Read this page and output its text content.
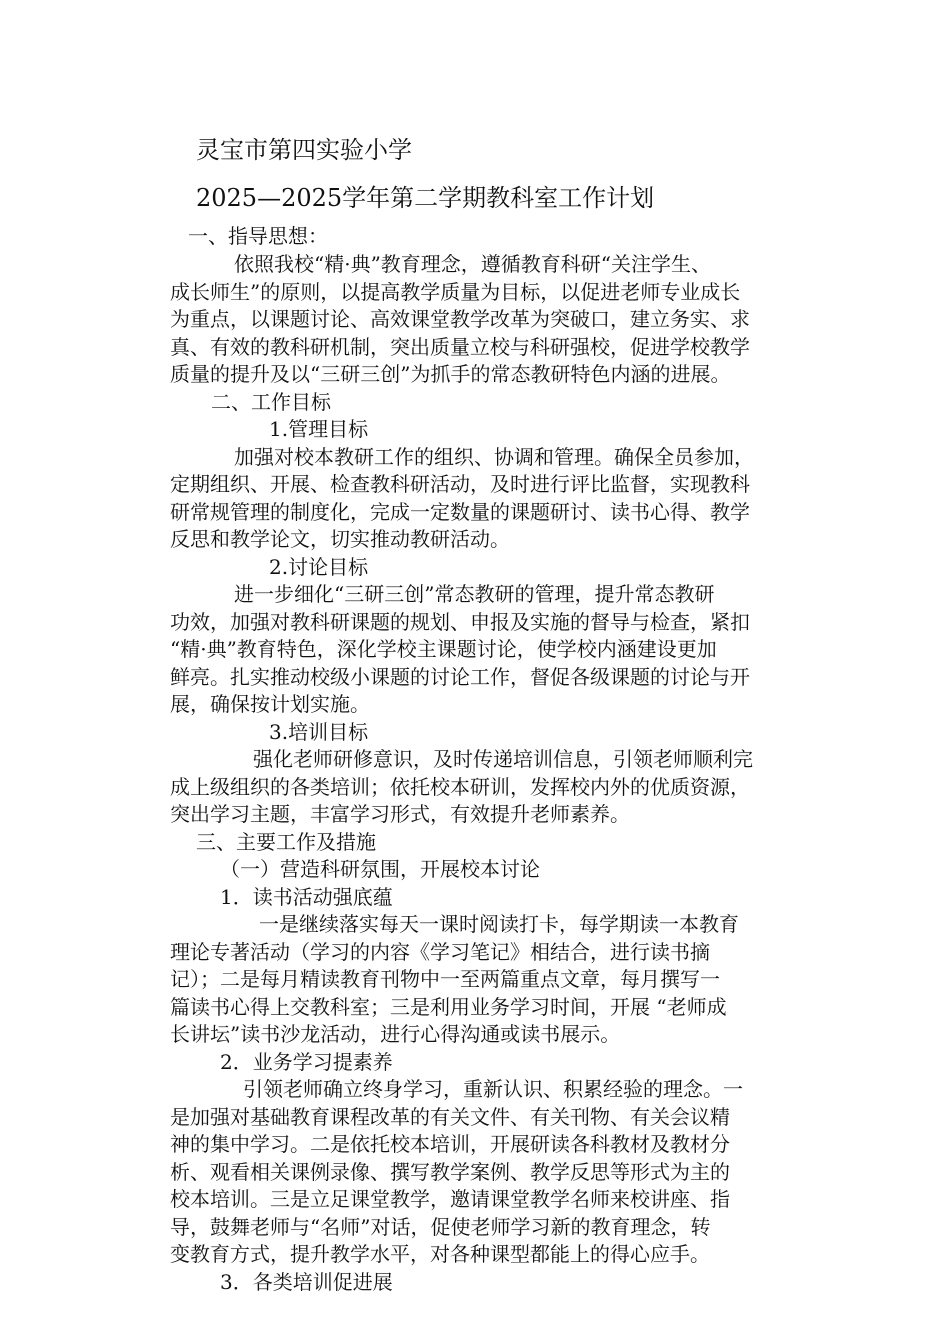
灵宝市第四实验小学
2025—2025学年第二学期教科室工作计划
一、指导思想：
依照我校“精·典”教育理念，遵循教育科研“关注学生、
成长师生”的原则，以提高教学质量为目标，以促进老师专业成长
为重点，以课题讨论、高效课堂教学改革为突破口，建立务实、求
真、有效的教科研机制，突出质量立校与科研强校，促进学校教学
质量的提升及以“三研三创”为抓手的常态教研特色内涵的进展。
二、工作目标
1.管理目标
加强对校本教研工作的组织、协调和管理。确保全员参加，
定期组织、开展、检查教科研活动，及时进行评比监督，实现教科
研常规管理的制度化，完成一定数量的课题研讨、读书心得、教学
反思和教学论文，切实推动教研活动。
2.讨论目标
进一步细化“三研三创”常态教研的管理，提升常态教研
功效，加强对教科研课题的规划、申报及实施的督导与检查，紧扣
“精·典”教育特色，深化学校主课题讨论，使学校内涵建设更加
鲜亮。扎实推动校级小课题的讨论工作，督促各级课题的讨论与开
展，确保按计划实施。
3.培训目标
强化老师研修意识，及时传递培训信息，引领老师顺利完
成上级组织的各类培训；依托校本研训，发挥校内外的优质资源，
突出学习主题，丰富学习形式，有效提升老师素养。
三、主要工作及措施
（一）营造科研氛围，开展校本讨论
1．读书活动强底蕴
一是继续落实每天一课时阅读打卡，每学期读一本教育
理论专著活动（学习的内容《学习笔记》相结合，进行读书摘
记）；二是每月精读教育刊物中一至两篇重点文章，每月撰写一
篇读书心得上交教科室；三是利用业务学习时间，开展 “老师成
长讲坛”读书沙龙活动，进行心得沟通或读书展示。
2．业务学习提素养
引领老师确立终身学习，重新认识、积累经验的理念。一
是加强对基础教育课程改革的有关文件、有关刊物、有关会议精
神的集中学习。二是依托校本培训，开展研读各科教材及教材分
析、观看相关课例录像、撰写教学案例、教学反思等形式为主的
校本培训。三是立足课堂教学，邀请课堂教学名师来校讲座、指
导，鼓舞老师与“名师”对话，促使老师学习新的教育理念，转
变教育方式，提升教学水平，对各种课型都能上的得心应手。
3．各类培训促进展
